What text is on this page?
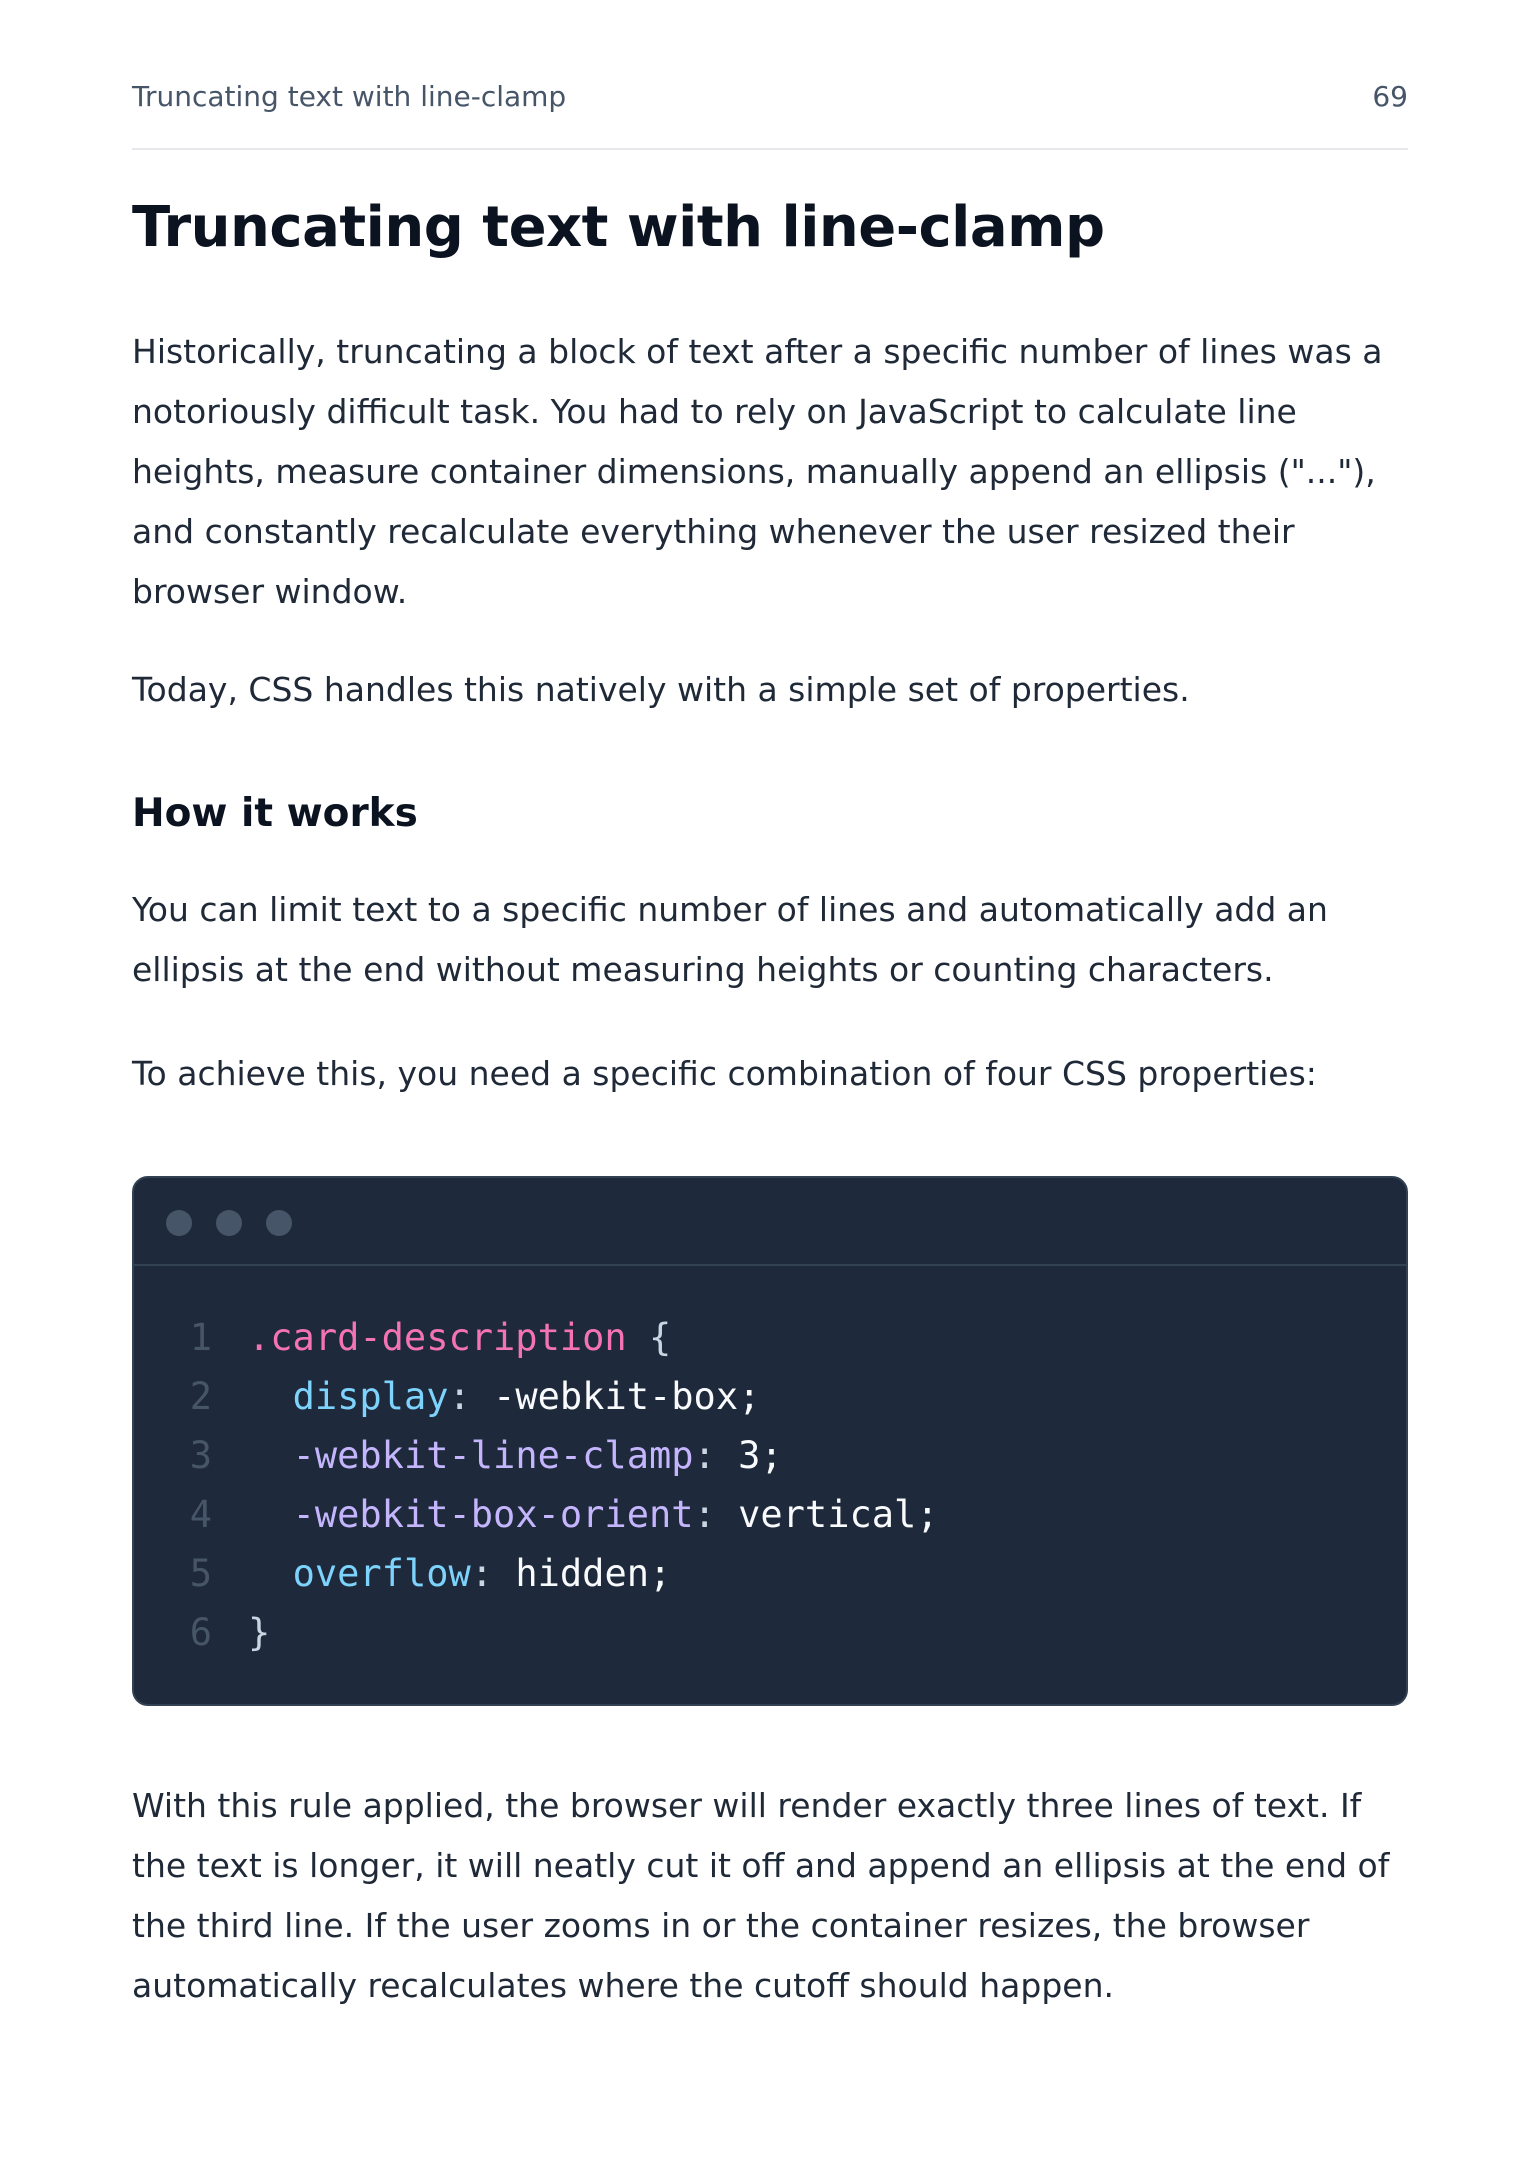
Truncating text with line-clamp	69
Truncating text with line-clamp

Historically, truncating a block of text after a specific number of lines was a notoriously difficult task. You had to rely on JavaScript to calculate line heights, measure container dimensions, manually append an ellipsis ("..."), and constantly recalculate everything whenever the user resized their browser window.

Today, CSS handles this natively with a simple set of properties.

How it works

You can limit text to a specific number of lines and automatically add an ellipsis at the end without measuring heights or counting characters.

To achieve this, you need a specific combination of four CSS properties:

1 .card-description {
2	display: -webkit-box;
3	-webkit-line-clamp: 3;
4	-webkit-box-orient: vertical;
5	overflow: hidden;
6 }

With this rule applied, the browser will render exactly three lines of text. If the text is longer, it will neatly cut it off and append an ellipsis at the end of the third line. If the user zooms in or the container resizes, the browser automatically recalculates where the cutoff should happen.
